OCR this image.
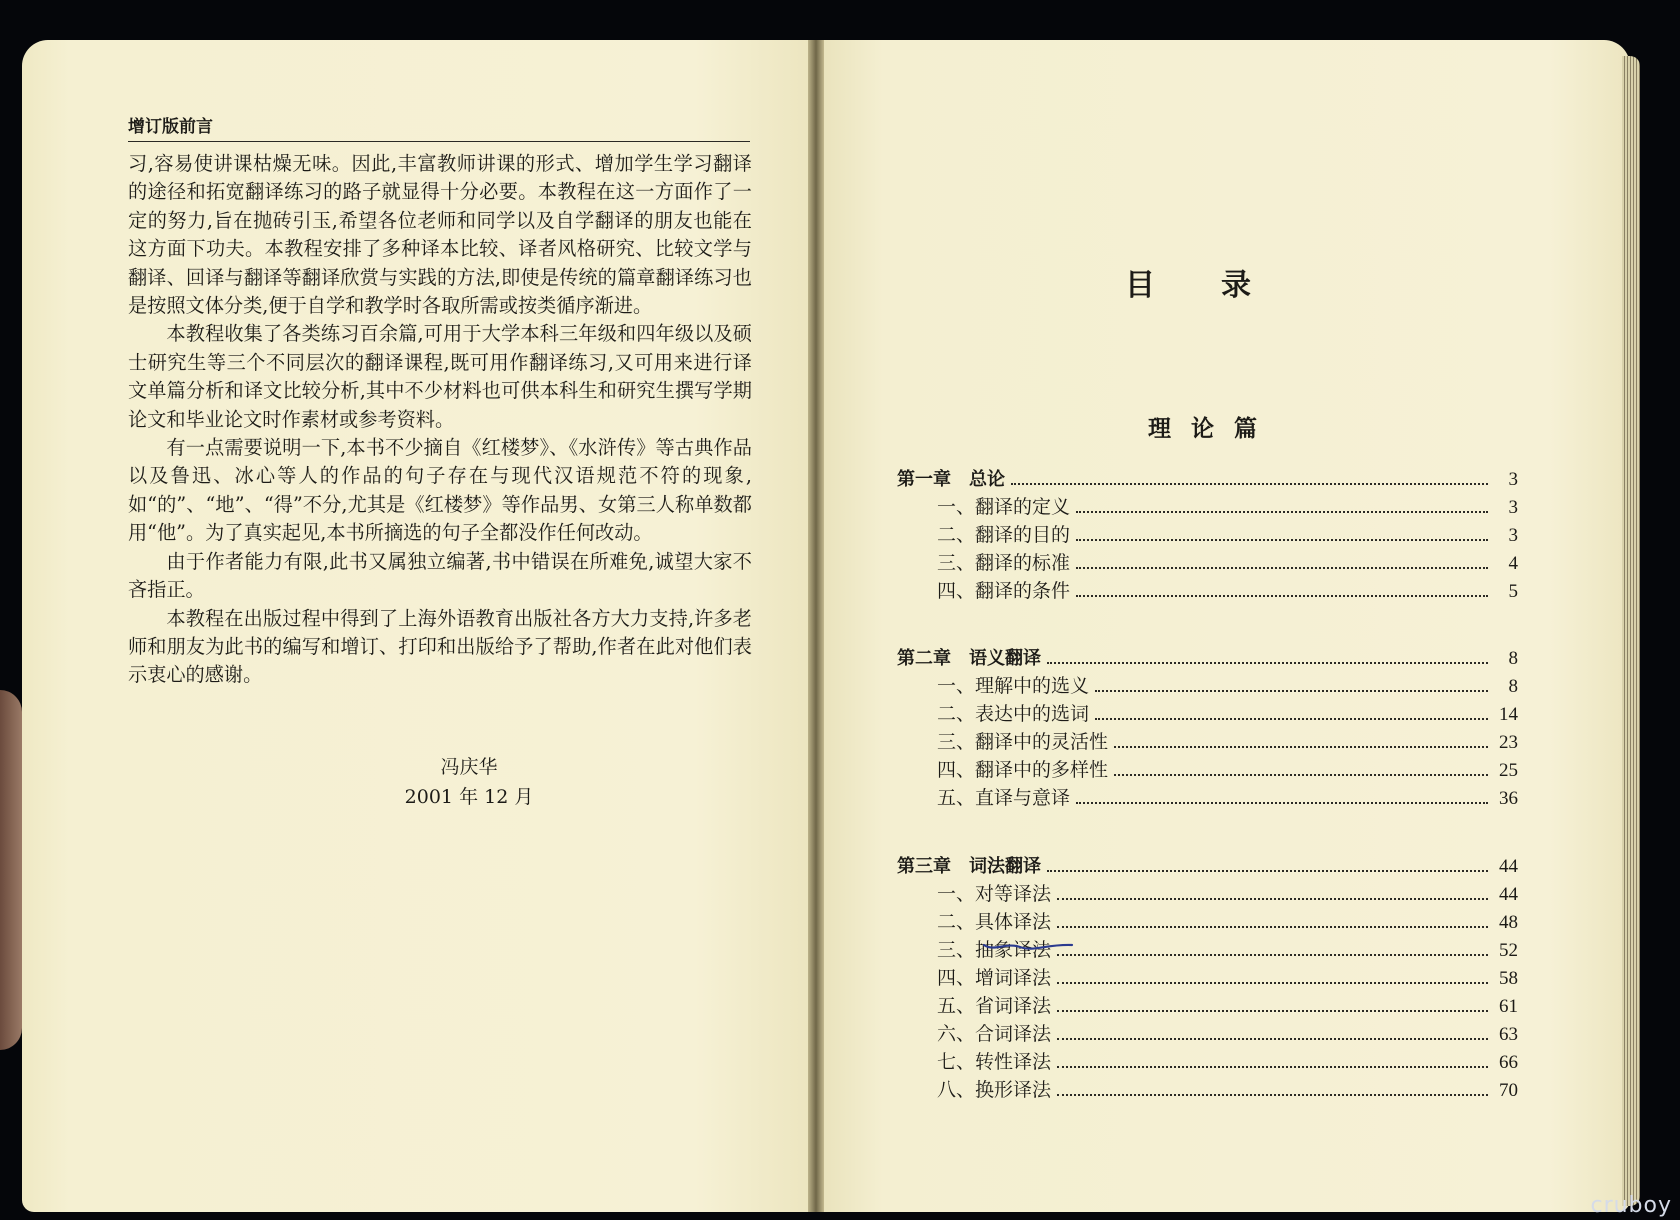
增订版前言

习,容易使讲课枯燥无味。因此,丰富教师讲课的形式、增加学生学习翻译的途径和拓宽翻译练习的路子就显得十分必要。本教程在这一方面作了一定的努力,旨在抛砖引玉,希望各位老师和同学以及自学翻译的朋友也能在这方面下功夫。本教程安排了多种译本比较、译者风格研究、比较文学与翻译、回译与翻译等翻译欣赏与实践的方法,即使是传统的篇章翻译练习也是按照文体分类,便于自学和教学时各取所需或按类循序渐进。

本教程收集了各类练习百余篇,可用于大学本科三年级和四年级以及硕士研究生等三个不同层次的翻译课程,既可用作翻译练习,又可用来进行译文单篇分析和译文比较分析,其中不少材料也可供本科生和研究生撰写学期论文和毕业论文时作素材或参考资料。

有一点需要说明一下,本书不少摘自《红楼梦》、《水浒传》等古典作品以及鲁迅、冰心等人的作品的句子存在与现代汉语规范不符的现象,如“的”、“地”、“得”不分,尤其是《红楼梦》等作品男、女第三人称单数都用“他”。为了真实起见,本书所摘选的句子全都没作任何改动。

由于作者能力有限,此书又属独立编著,书中错误在所难免,诚望大家不吝指正。

本教程在出版过程中得到了上海外语教育出版社各方大力支持,许多老师和朋友为此书的编写和增订、打印和出版给予了帮助,作者在此对他们表示衷心的感谢。

冯庆华
2001 年 12 月
目录
理论篇
第一章　总论	3
一、翻译的定义	3
二、翻译的目的	3
三、翻译的标准	4
四、翻译的条件	5
第二章　语义翻译	8
一、理解中的选义	8
二、表达中的选词	14
三、翻译中的灵活性	23
四、翻译中的多样性	25
五、直译与意译	36
第三章　词法翻译	44
一、对等译法	44
二、具体译法	48
三、抽象译法	52
四、增词译法	58
五、省词译法	61
六、合词译法	63
七、转性译法	66
八、换形译法	70
cruboy
